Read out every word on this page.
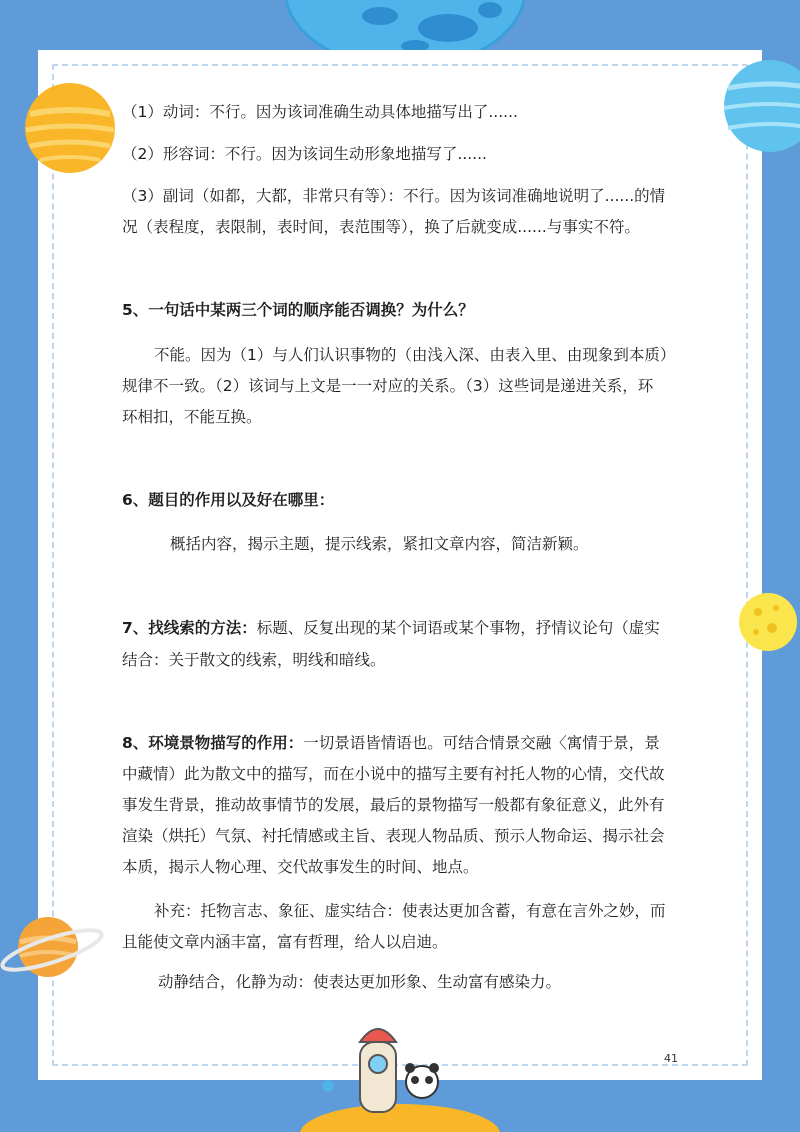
（1）动词：不行。因为该词准确生动具体地描写出了......
（2）形容词：不行。因为该词生动形象地描写了......
（3）副词（如都，大都，非常只有等）：不行。因为该词准确地说明了......的情
况（表程度，表限制，表时间，表范围等），换了后就变成......与事实不符。
5、一句话中某两三个词的顺序能否调换？为什么？
不能。因为（1）与人们认识事物的（由浅入深、由表入里、由现象到本质）
规律不一致。（2）该词与上文是一一对应的关系。（3）这些词是递进关系，环
环相扣，不能互换。
6、题目的作用以及好在哪里：
概括内容，揭示主题，提示线索，紧扣文章内容，简洁新颖。
7、找线索的方法：标题、反复出现的某个词语或某个事物，抒情议论句（虚实
结合：关于散文的线索，明线和暗线。
8、环境景物描写的作用：一切景语皆情语也。可结合情景交融〈寓情于景，景
中藏情）此为散文中的描写，而在小说中的描写主要有衬托人物的心情，交代故
事发生背景，推动故事情节的发展，最后的景物描写一般都有象征意义，此外有
渲染（烘托）气氛、衬托情感或主旨、表现人物品质、预示人物命运、揭示社会
本质，揭示人物心理、交代故事发生的时间、地点。
补充：托物言志、象征、虚实结合：使表达更加含蓄，有意在言外之妙，而
且能使文章内涵丰富，富有哲理，给人以启迪。
动静结合，化静为动：使表达更加形象、生动富有感染力。
41
